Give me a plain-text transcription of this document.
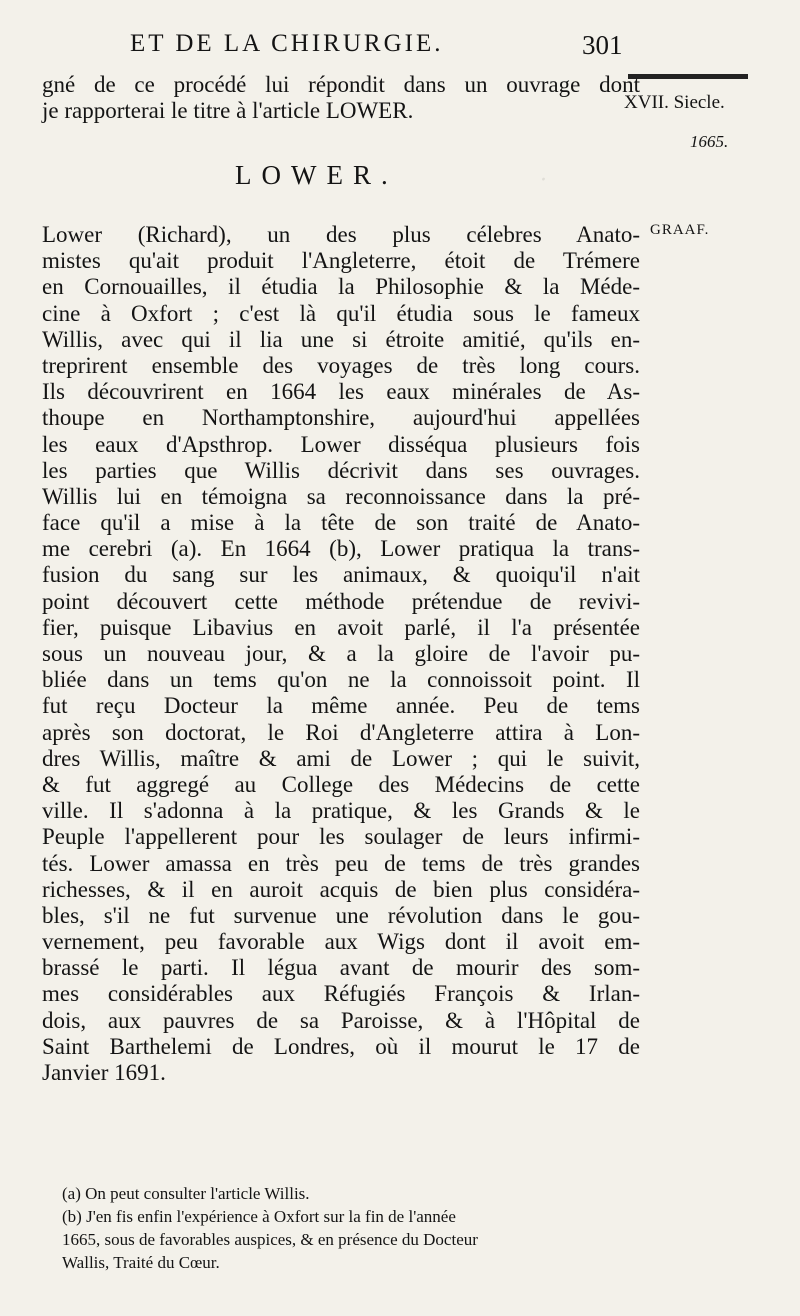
·
ET DE LA CHIRURGIE.	301
XVII. Siecle.
1665.
GRAAF.
gné de ce procédé lui répondit dans un ouvrage dont
je rapporterai le titre à l'article LOWER.
LOWER.
Lower (Richard), un des plus célebres Anato-
mistes qu'ait produit l'Angleterre, étoit de Trémere
en Cornouailles, il étudia la Philosophie & la Méde-
cine à Oxfort ; c'est là qu'il étudia sous le fameux
Willis, avec qui il lia une si étroite amitié, qu'ils en-
treprirent ensemble des voyages de très long cours.
Ils découvrirent en 1664 les eaux minérales de As-
thoupe en Northamptonshire, aujourd'hui appellées
les eaux d'Apsthrop. Lower disséqua plusieurs fois
les parties que Willis décrivit dans ses ouvrages.
Willis lui en témoigna sa reconnoissance dans la pré-
face qu'il a mise à la tête de son traité de Anato-
me cerebri (a). En 1664 (b), Lower pratiqua la trans-
fusion du sang sur les animaux, & quoiqu'il n'ait
point découvert cette méthode prétendue de revivi-
fier, puisque Libavius en avoit parlé, il l'a présentée
sous un nouveau jour, & a la gloire de l'avoir pu-
bliée dans un tems qu'on ne la connoissoit point. Il
fut reçu Docteur la même année. Peu de tems
après son doctorat, le Roi d'Angleterre attira à Lon-
dres Willis, maître & ami de Lower ; qui le suivit,
& fut aggregé au College des Médecins de cette
ville. Il s'adonna à la pratique, & les Grands & le
Peuple l'appellerent pour les soulager de leurs infirmi-
tés. Lower amassa en très peu de tems de très grandes
richesses, & il en auroit acquis de bien plus considéra-
bles, s'il ne fut survenue une révolution dans le gou-
vernement, peu favorable aux Wigs dont il avoit em-
brassé le parti. Il légua avant de mourir des som-
mes considérables aux Réfugiés François & Irlan-
dois, aux pauvres de sa Paroisse, & à l'Hôpital de
Saint Barthelemi de Londres, où il mourut le 17 de
Janvier 1691.
(a) On peut consulter l'article Willis.
(b) J'en fis enfin l'expérience à Oxfort sur la fin de l'année
1665, sous de favorables auspices, & en présence du Docteur
Wallis, Traité du Cœur.
